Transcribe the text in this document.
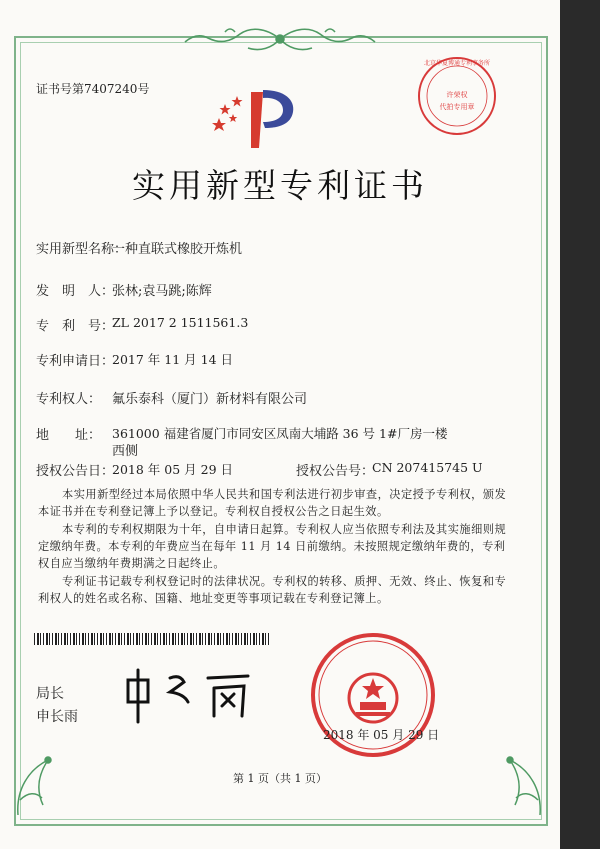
证书号第7407240号
北京华夏博通专利事务所
许荣权
代拍专用章
实用新型专利证书
实用新型名称：
一种直联式橡胶开炼机
发　明　人：
张林;袁马跳;陈辉
专　利　号：
ZL 2017 2 1511561.3
专利申请日：
2017 年 11 月 14 日
专利权人： 氟乐泰科（厦门）新材料有限公司
地　　址： 361000 福建省厦门市同安区凤南大埔路 36 号 1#厂房一楼
西侧
授权公告日：
2018 年 05 月 29 日	授权公告号：
CN 207415745 U
本实用新型经过本局依照中华人民共和国专利法进行初步审查，决定授予专利权，颁发本证书并在专利登记簿上予以登记。专利权自授权公告之日起生效。
本专利的专利权期限为十年，自申请日起算。专利权人应当依照专利法及其实施细则规定缴纳年费。本专利的年费应当在每年 11 月 14 日前缴纳。未按照规定缴纳年费的，专利权自应当缴纳年费期满之日起终止。
专利证书记载专利权登记时的法律状况。专利权的转移、质押、无效、终止、恢复和专利权人的姓名或名称、国籍、地址变更等事项记载在专利登记簿上。
局长
申长雨
2018 年 05 月 29 日
第 1 页（共 1 页）
